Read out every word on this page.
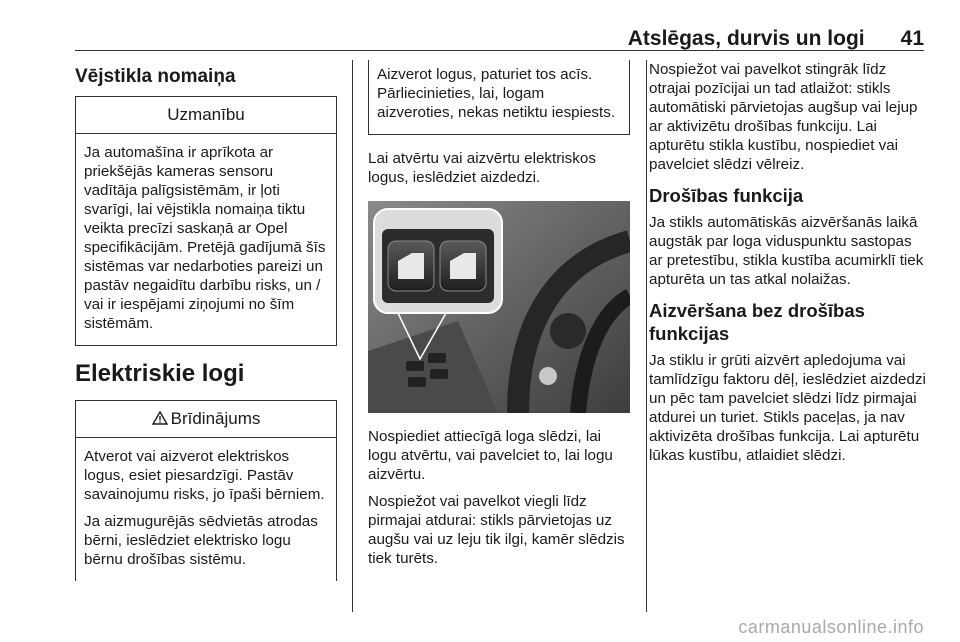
Atslēgas, durvis un logi 41
Vējstikla nomaiņa
Uzmanību

Ja automašīna ir aprīkota ar priekšējās kameras sensoru vadītāja palīgsistēmām, ir ļoti svarīgi, lai vējstikla nomaiņa tiktu veikta precīzi saskaņā ar Opel specifikācijām. Pretējā gadījumā šīs sistēmas var nedarboties pareizi un pastāv negaidītu darbību risks, un / vai ir iespējami ziņojumi no šīm sistēmām.

Elektriskie logi
Brīdinājums

Atverot vai aizverot elektriskos logus, esiet piesardzīgi. Pastāv savainojumu risks, jo īpaši bērniem.

Ja aizmugurējās sēdvietās atrodas bērni, ieslēdziet elektrisko logu bērnu drošības sistēmu.

Aizverot logus, paturiet tos acīs. Pārliecinieties, lai, logam aizveroties, nekas netiktu iespiests.

Lai atvērtu vai aizvērtu elektriskos logus, ieslēdziet aizdedzi.

Nospiediet attiecīgā loga slēdzi, lai logu atvērtu, vai pavelciet to, lai logu aizvērtu.

Nospiežot vai pavelkot viegli līdz pirmajai atdurai: stikls pārvietojas uz augšu vai uz leju tik ilgi, kamēr slēdzis tiek turēts.

Nospiežot vai pavelkot stingrāk līdz otrajai pozīcijai un tad atlaižot: stikls automātiski pārvietojas augšup vai lejup ar aktivizētu drošības funkciju. Lai apturētu stikla kustību, nospiediet vai pavelciet slēdzi vēlreiz.

Drošības funkcija

Ja stikls automātiskās aizvēršanās laikā augstāk par loga viduspunktu sastopas ar pretestību, stikla kustība acumirklī tiek apturēta un tas atkal nolaižas.

Aizvēršana bez drošības funkcijas

Ja stiklu ir grūti aizvērt apledojuma vai tamlīdzīgu faktoru dēļ, ieslēdziet aizdedzi un pēc tam pavelciet slēdzi līdz pirmajai atdurei un turiet. Stikls paceļas, ja nav aktivizēta drošības funkcija. Lai apturētu lūkas kustību, atlaidiet slēdzi.

carmanualsonline.info
